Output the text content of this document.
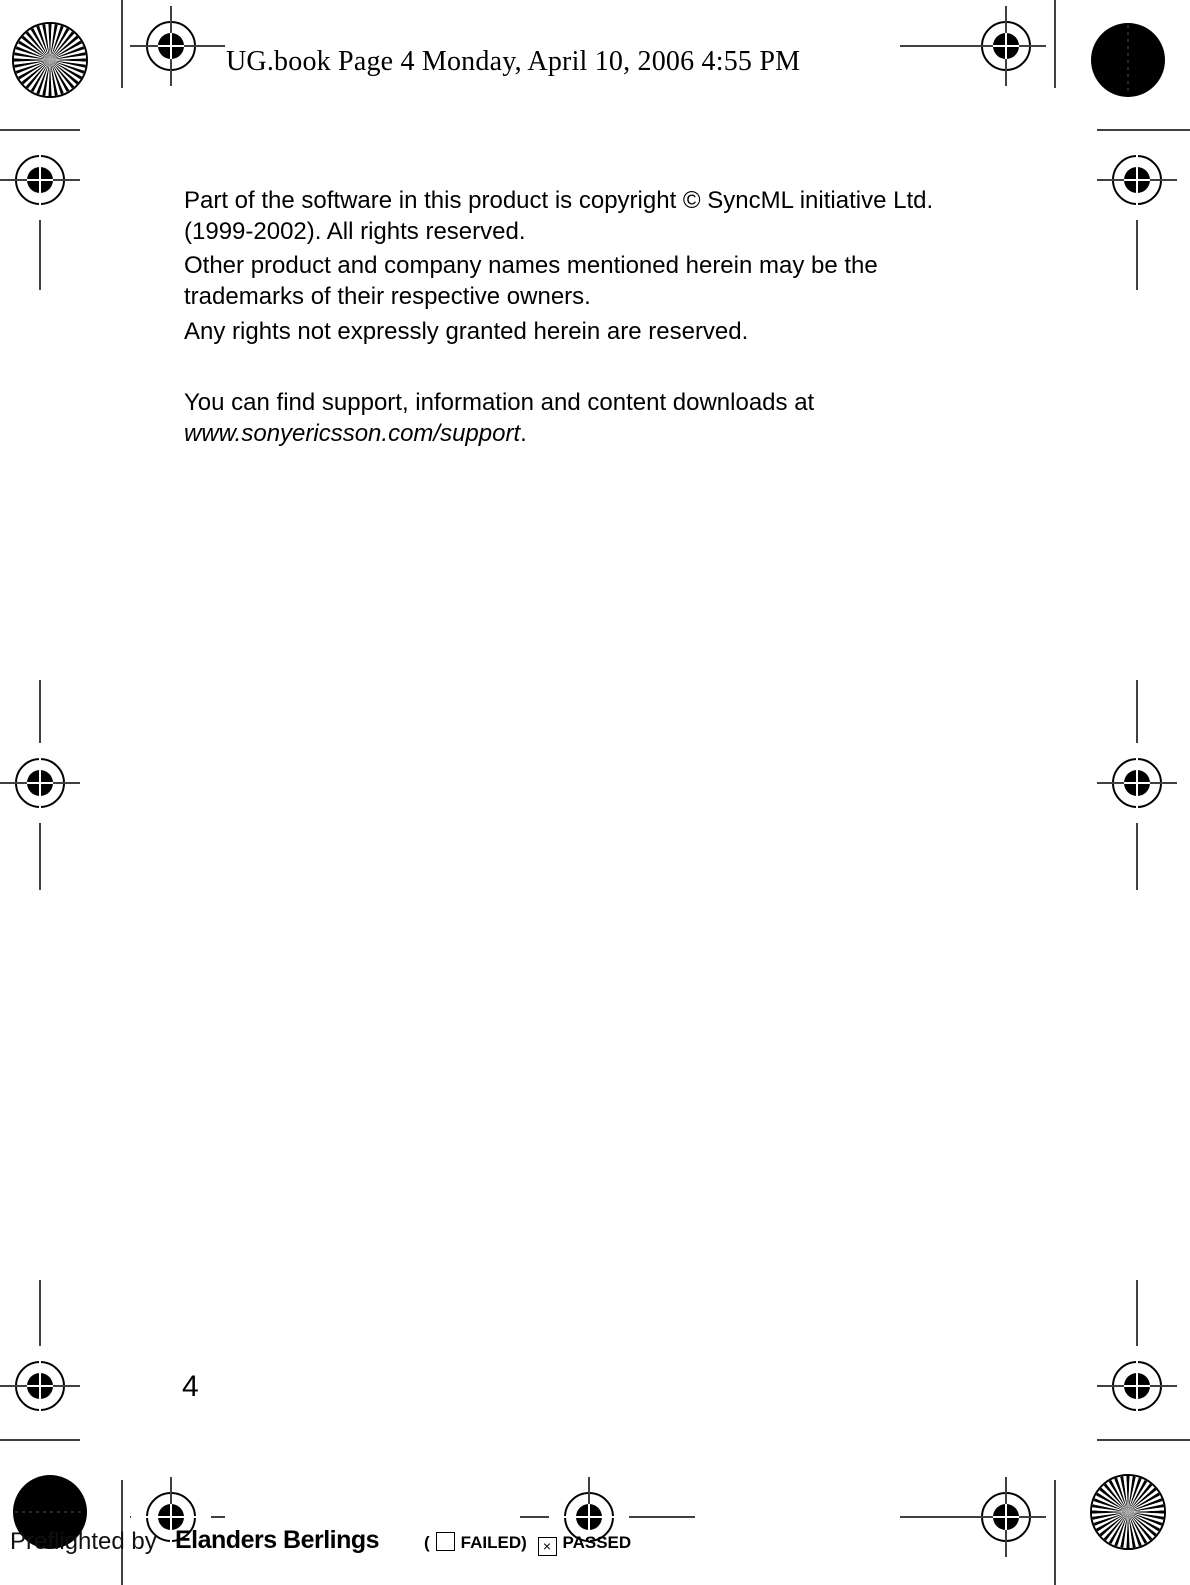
UG.book Page 4 Monday, April 10, 2006 4:55 PM

Part of the software in this product is copyright © SyncML initiative Ltd. (1999-2002). All rights reserved.

Other product and company names mentioned herein may be the trademarks of their respective owners.

Any rights not expressly granted herein are reserved.

You can find support, information and content downloads at www.sonyericsson.com/support.

4
Preflighted by Elanders Berlings	( FAILED) × PASSED
